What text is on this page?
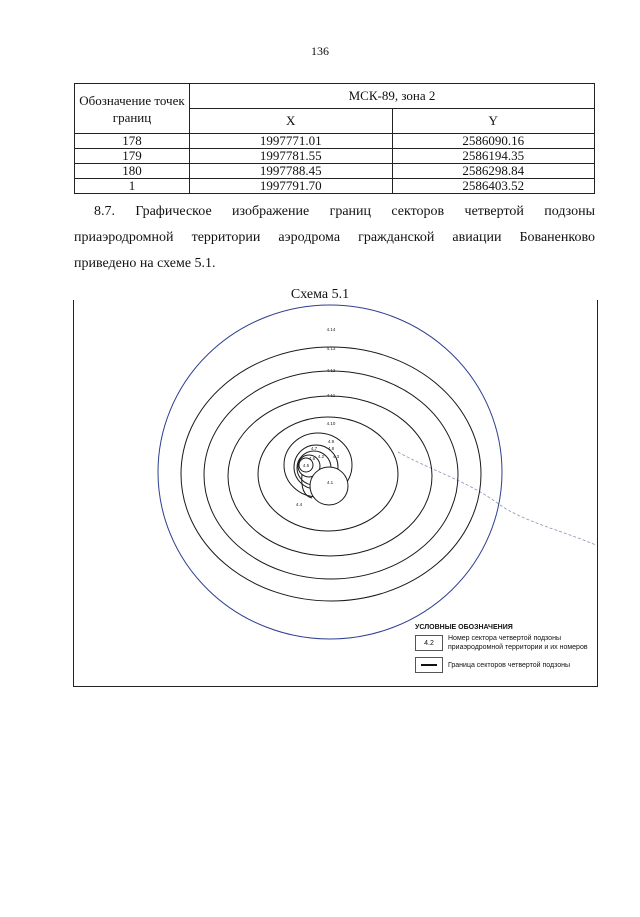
136
Обозначение точек границ	МСК-89, зона 2	
	X	Y
178	1997771.01	2586090.16
179	1997781.55	2586194.35
180	1997788.45	2586298.84
1	1997791.70	2586403.52
8.7. Графическое изображение границ секторов четвертой подзоны
приаэродромной территории аэродрома гражданской авиации Бованенково
приведено на схеме 5.1.
Схема 5.1
4.14
4.13
4.12
4.11
4.10
4.9
4.8
4.7
4.6
4.5
4.4
4.3
4.2
4.1
УСЛОВНЫЕ ОБОЗНАЧЕНИЯ
4.2
Номер сектора четвертой подзоны приаэродромной территории и их номеров
Граница секторов четвертой подзоны
